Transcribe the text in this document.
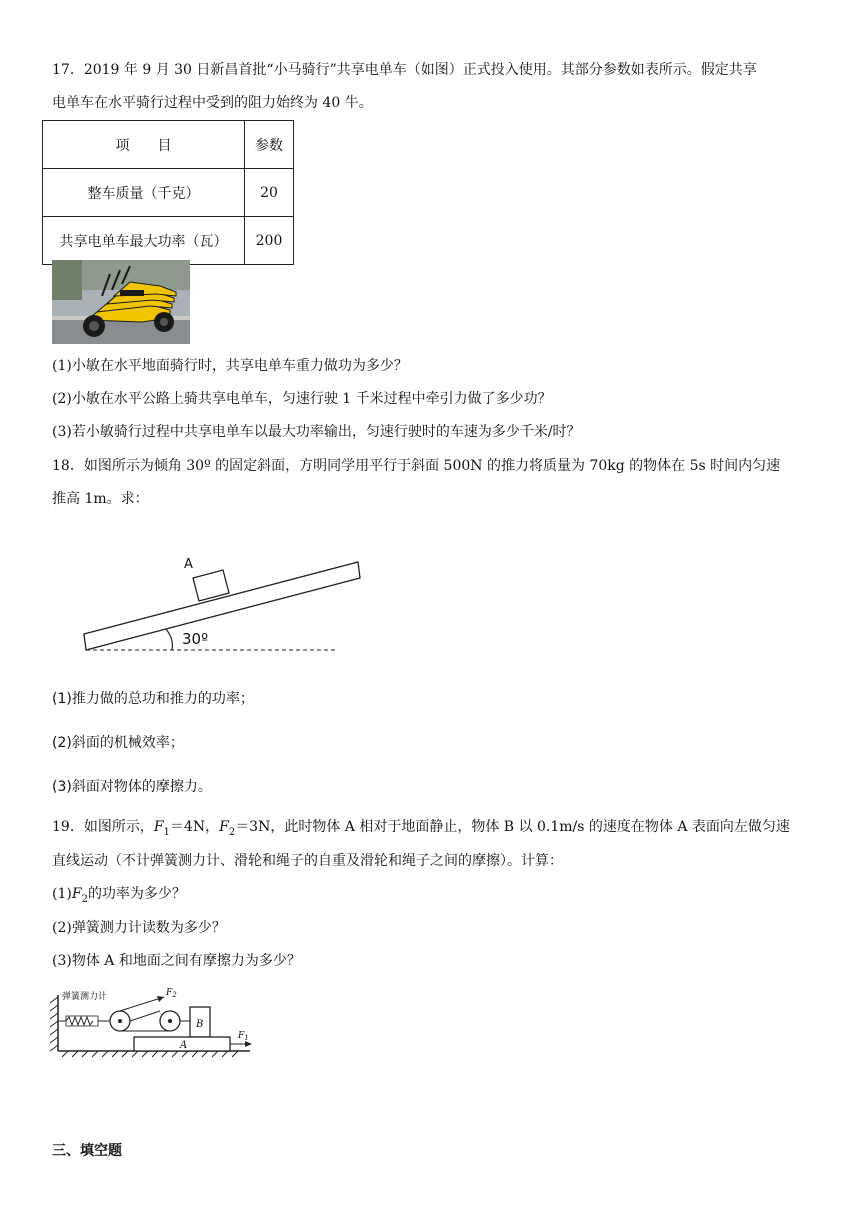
17．2019 年 9 月 30 日新昌首批“小马骑行”共享电单车（如图）正式投入使用。其部分参数如表所示。假定共享
电单车在水平骑行过程中受到的阻力始终为 40 牛。
项　　目	参数
整车质量（千克）	20
共享电单车最大功率（瓦）	200
(1)小敏在水平地面骑行时，共享电单车重力做功为多少？
(2)小敏在水平公路上骑共享电单车，匀速行驶 1 千米过程中牵引力做了多少功？
(3)若小敏骑行过程中共享电单车以最大功率输出，匀速行驶时的车速为多少千米/时？
18．如图所示为倾角 30º 的固定斜面，方明同学用平行于斜面 500N 的推力将质量为 70kg 的物体在 5s 时间内匀速
推高 1m。求：
A
30º
(1)推力做的总功和推力的功率；
(2)斜面的机械效率；
(3)斜面对物体的摩擦力。
19．如图所示，$F_1=4N$，$F_2=3N$，此时物体 A 相对于地面静止，物体 B 以 0.1m/s 的速度在物体 A 表面向左做匀速
直线运动（不计弹簧测力计、滑轮和绳子的自重及滑轮和绳子之间的摩擦）。计算：
$(1)F_2$的功率为多少？
(2)弹簧测力计读数为多少？
(3)物体 A 和地面之间有摩擦力为多少？
弹簧测力计	$F_2$
B
A
$F_1$
三、填空题
